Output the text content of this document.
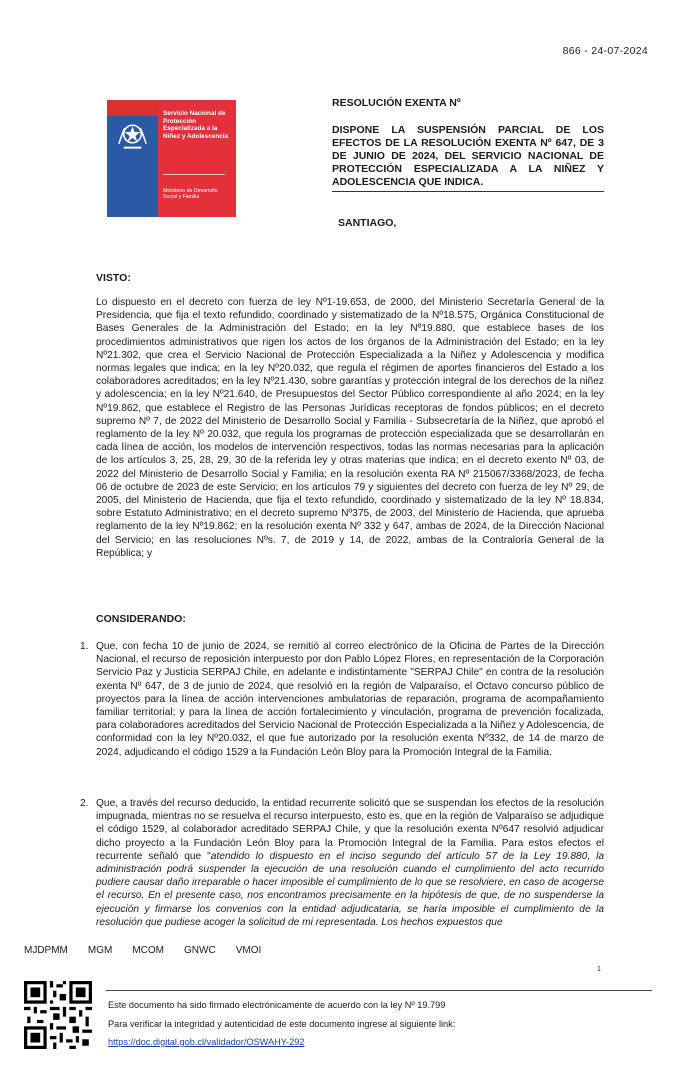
866 - 24-07-2024
Servicio Nacional de Protección Especializada a la Niñez y Adolescencia
Ministerio de Desarrollo Social y Familia
RESOLUCIÓN EXENTA Nº
DISPONE LA SUSPENSIÓN PARCIAL DE LOS EFECTOS DE LA RESOLUCIÓN EXENTA Nº 647, DE 3 DE JUNIO DE 2024, DEL SERVICIO NACIONAL DE PROTECCIÓN ESPECIALIZADA A LA NIÑEZ Y ADOLESCENCIA QUE INDICA.
SANTIAGO,
VISTO:
Lo dispuesto en el decreto con fuerza de ley Nº1-19.653, de 2000, del Ministerio Secretaría General de la Presidencia, que fija el texto refundido, coordinado y sistematizado de la Nº18.575, Orgánica Constitucional de Bases Generales de la Administración del Estado; en la ley Nº19.880, que establece bases de los procedimientos administrativos que rigen los actos de los órganos de la Administración del Estado; en la ley Nº21.302, que crea el Servicio Nacional de Protección Especializada a la Niñez y Adolescencia y modifica normas legales que indica; en la ley Nº20.032, que regula el régimen de aportes financieros del Estado a los colaboradores acreditados; en la ley Nº21.430, sobre garantías y protección integral de los derechos de la niñez y adolescencia; en la ley Nº21.640, de Presupuestos del Sector Público correspondiente al año 2024; en la ley Nº19.862, que establece el Registro de las Personas Jurídicas receptoras de fondos públicos; en el decreto supremo Nº 7, de 2022 del Ministerio de Desarrollo Social y Familia - Subsecretaría de la Niñez, que aprobó el reglamento de la ley Nº 20.032, que regula los programas de protección especializada que se desarrollarán en cada línea de acción, los modelos de intervención respectivos, todas las normas necesarias para la aplicación de los artículos 3, 25, 28, 29, 30 de la referida ley y otras materias que indica; en el decreto exento Nº 03, de 2022 del Ministerio de Desarrollo Social y Familia; en la resolución exenta RA Nº 215067/3368/2023, de fecha 06 de octubre de 2023 de este Servicio; en los artículos 79 y siguientes del decreto con fuerza de ley Nº 29, de 2005, del Ministerio de Hacienda, que fija el texto refundido, coordinado y sistematizado de la ley Nº 18.834, sobre Estatuto Administrativo; en el decreto supremo Nº375, de 2003, del Ministerio de Hacienda, que aprueba reglamento de la ley Nº19.862; en la resolución exenta Nº 332 y 647, ambas de 2024, de la Dirección Nacional del Servicio; en las resoluciones Nºs. 7, de 2019 y 14, de 2022, ambas de la Contraloría General de la República; y
CONSIDERANDO:
1. Que, con fecha 10 de junio de 2024, se remitió al correo electrónico de la Oficina de Partes de la Dirección Nacional, el recurso de reposición interpuesto por don Pablo López Flores, en representación de la Corporación Servicio Paz y Justicia SERPAJ Chile, en adelante e indistintamente "SERPAJ Chile" en contra de la resolución exenta Nº 647, de 3 de junio de 2024, que resolvió en la región de Valparaíso, el Octavo concurso público de proyectos para la línea de acción intervenciones ambulatorias de reparación, programa de acompañamiento familiar territorial; y para la línea de acción fortalecimiento y vinculación, programa de prevención focalizada, para colaboradores acreditados del Servicio Nacional de Protección Especializada a la Niñez y Adolescencia, de conformidad con la ley Nº20.032, el que fue autorizado por la resolución exenta Nº332, de 14 de marzo de 2024, adjudicando el código 1529 a la Fundación León Bloy para la Promoción Integral de la Familia.
2. Que, a través del recurso deducido, la entidad recurrente solicitó que se suspendan los efectos de la resolución impugnada, mientras no se resuelva el recurso interpuesto, esto es, que en la región de Valparaíso se adjudique el código 1529, al colaborador acreditado SERPAJ Chile, y que la resolución exenta Nº647 resolvió adjudicar dicho proyecto a la Fundación León Bloy para la Promoción Integral de la Familia. Para estos efectos el recurrente señaló que "atendido lo dispuesto en el inciso segundo del artículo 57 de la Ley 19.880, la administración podrá suspender la ejecución de una resolución cuando el cumplimiento del acto recurrido pudiere causar daño irreparable o hacer imposible el cumplimiento de lo que se resolviere, en caso de acogerse el recurso. En el presente caso, nos encontramos precisamente en la hipótesis de que, de no suspenderse la ejecución y firmarse los convenios con la entidad adjudicataria, se haría imposible el cumplimiento de la resolución que pudiese acoger la solicitud de mi representada. Los hechos expuestos que
MJDPMM MGM MCOM GNWC VMOI
1
Este documento ha sido firmado electrónicamente de acuerdo con la ley Nº 19.799
Para verificar la integridad y autenticidad de este documento ingrese al siguiente link:
https://doc.digital.gob.cl/validador/OSWAHY-292
